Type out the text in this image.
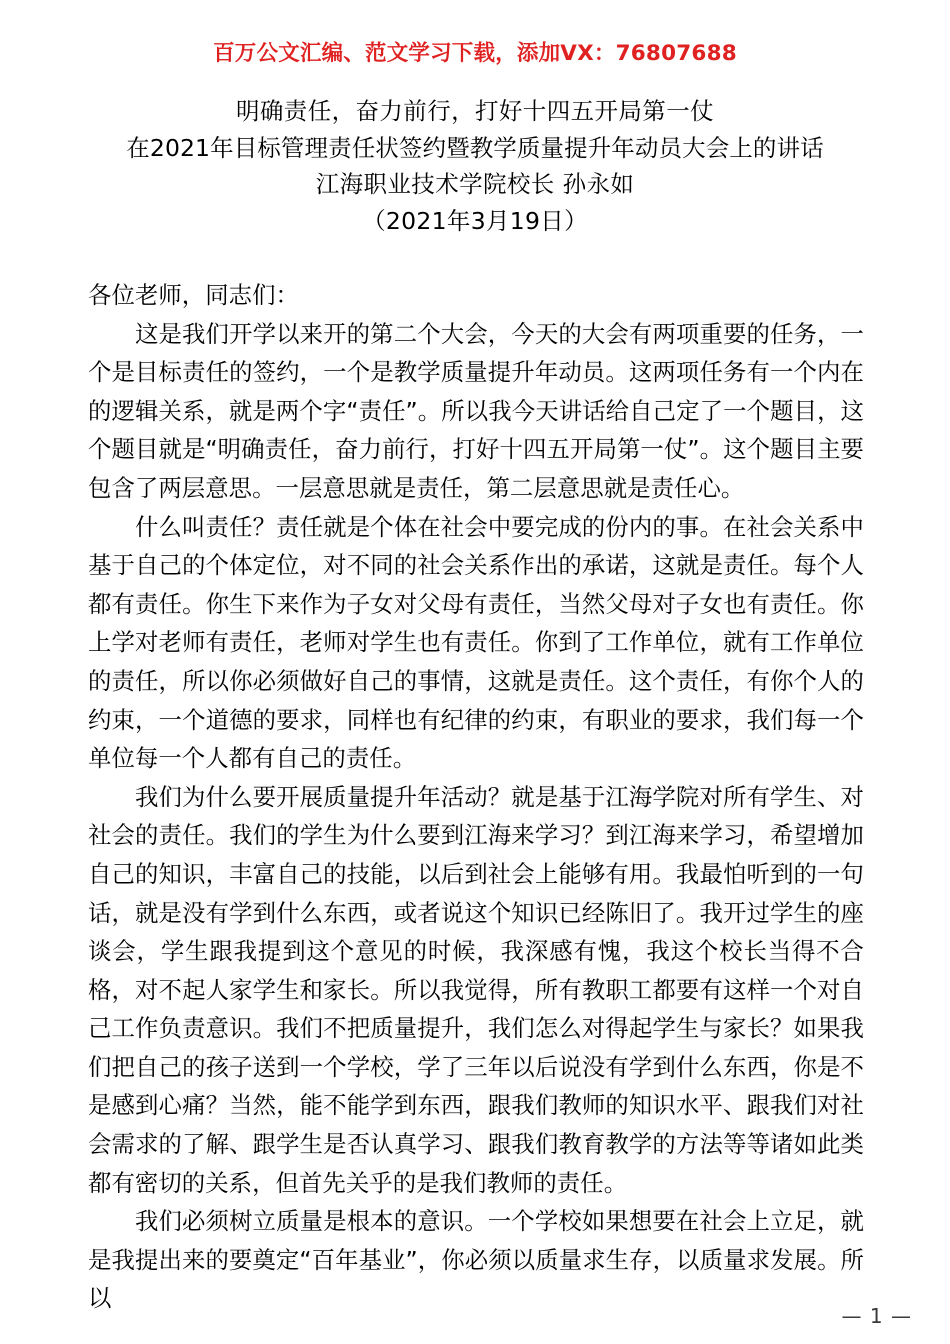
百万公文汇编、范文学习下载，添加VX：76807688
明确责任，奋力前行，打好十四五开局第一仗
在2021年目标管理责任状签约暨教学质量提升年动员大会上的讲话
江海职业技术学院校长 孙永如
（2021年3月19日）

各位老师，同志们：

这是我们开学以来开的第二个大会，今天的大会有两项重要的任务，一个是目标责任的签约，一个是教学质量提升年动员。这两项任务有一个内在的逻辑关系，就是两个字“责任”。所以我今天讲话给自己定了一个题目，这个题目就是“明确责任，奋力前行，打好十四五开局第一仗”。这个题目主要包含了两层意思。一层意思就是责任，第二层意思就是责任心。

什么叫责任？责任就是个体在社会中要完成的份内的事。在社会关系中基于自己的个体定位，对不同的社会关系作出的承诺，这就是责任。每个人都有责任。你生下来作为子女对父母有责任，当然父母对子女也有责任。你上学对老师有责任，老师对学生也有责任。你到了工作单位，就有工作单位的责任，所以你必须做好自己的事情，这就是责任。这个责任，有你个人的约束，一个道德的要求，同样也有纪律的约束，有职业的要求，我们每一个单位每一个人都有自己的责任。

我们为什么要开展质量提升年活动？就是基于江海学院对所有学生、对社会的责任。我们的学生为什么要到江海来学习？到江海来学习，希望增加自己的知识，丰富自己的技能，以后到社会上能够有用。我最怕听到的一句话，就是没有学到什么东西，或者说这个知识已经陈旧了。我开过学生的座谈会，学生跟我提到这个意见的时候，我深感有愧，我这个校长当得不合格，对不起人家学生和家长。所以我觉得，所有教职工都要有这样一个对自己工作负责意识。我们不把质量提升，我们怎么对得起学生与家长？如果我们把自己的孩子送到一个学校，学了三年以后说没有学到什么东西，你是不是感到心痛？当然，能不能学到东西，跟我们教师的知识水平、跟我们对社会需求的了解、跟学生是否认真学习、跟我们教育教学的方法等等诸如此类都有密切的关系，但首先关乎的是我们教师的责任。

我们必须树立质量是根本的意识。一个学校如果想要在社会上立足，就是我提出来的要奠定“百年基业”，你必须以质量求生存，以质量求发展。所以

— 1 —
